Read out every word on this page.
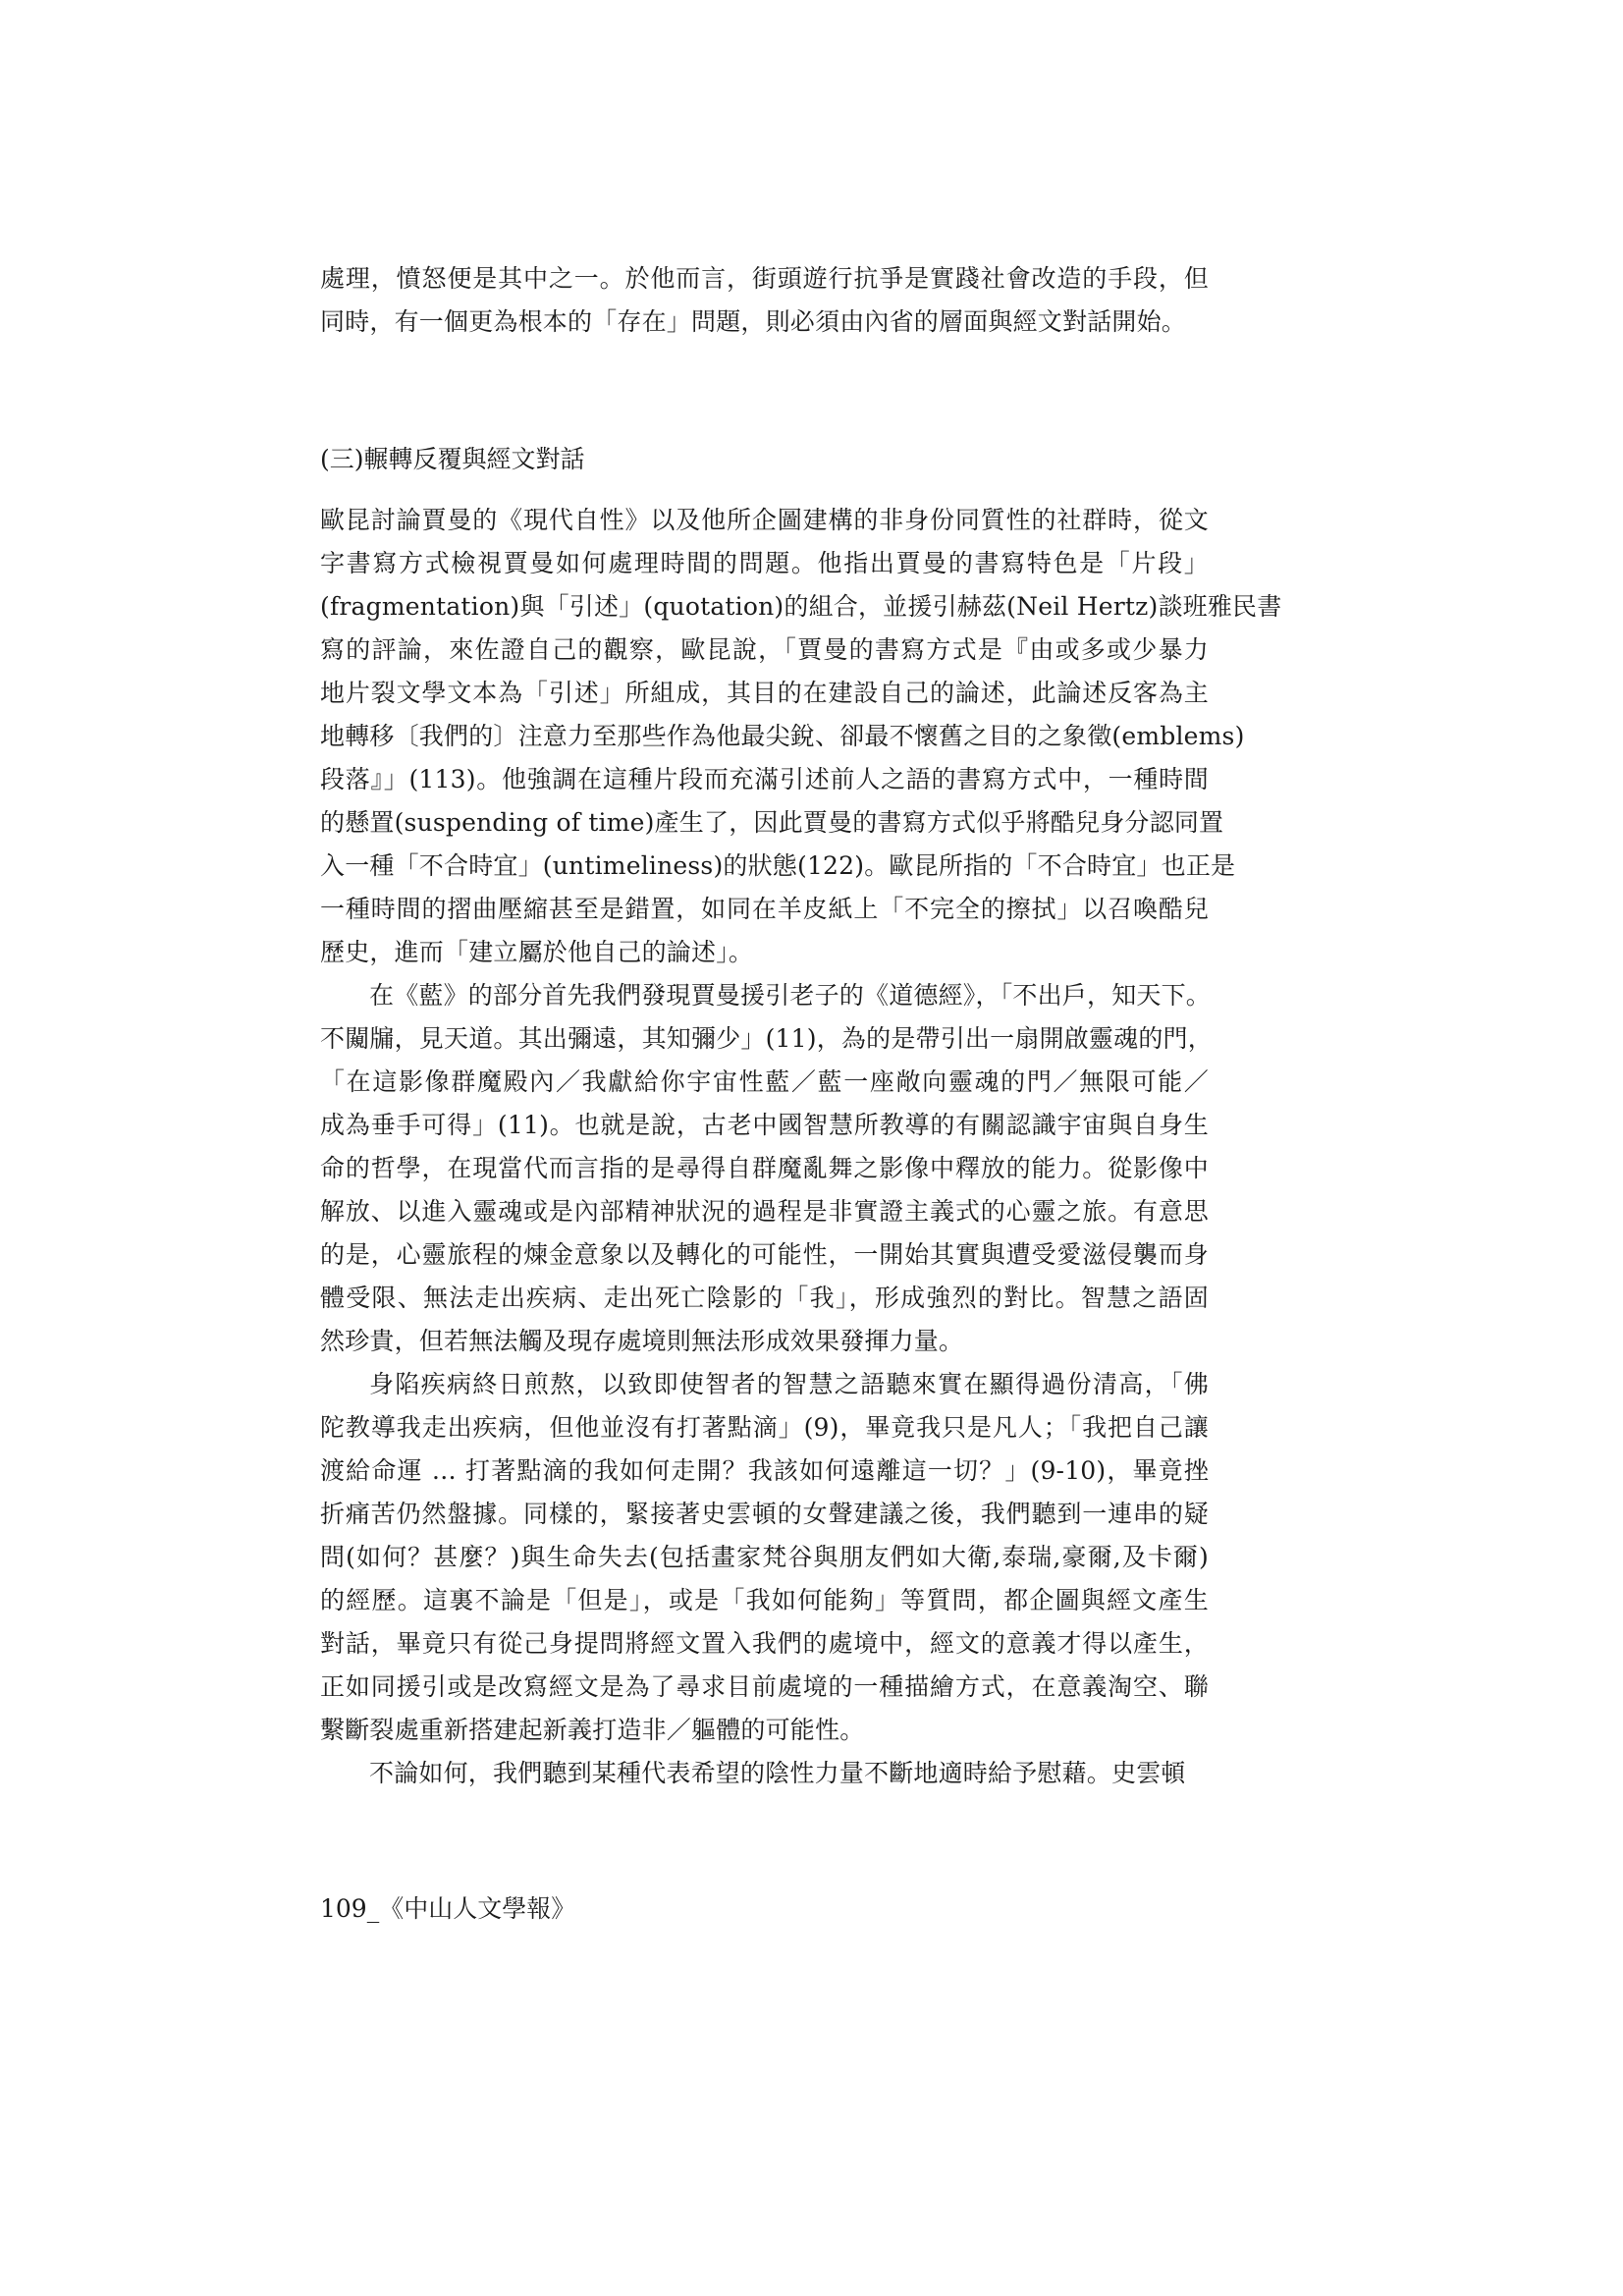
處理，憤怒便是其中之一。於他而言，街頭遊行抗爭是實踐社會改造的手段，但
同時，有一個更為根本的「存在」問題，則必須由內省的層面與經文對話開始。
(三)輾轉反覆與經文對話
歐昆討論賈曼的《現代自性》以及他所企圖建構的非身份同質性的社群時，從文
字書寫方式檢視賈曼如何處理時間的問題。他指出賈曼的書寫特色是「片段」
(fragmentation)與「引述」(quotation)的組合，並援引赫茲(Neil Hertz)談班雅民書
寫的評論，來佐證自己的觀察，歐昆說，「賈曼的書寫方式是『由或多或少暴力
地片裂文學文本為「引述」所組成，其目的在建設自己的論述，此論述反客為主
地轉移〔我們的〕注意力至那些作為他最尖銳、卻最不懷舊之目的之象徵(emblems)
段落』」(113)。他強調在這種片段而充滿引述前人之語的書寫方式中，一種時間
的懸置(suspending of time)產生了，因此賈曼的書寫方式似乎將酷兒身分認同置
入一種「不合時宜」(untimeliness)的狀態(122)。歐昆所指的「不合時宜」也正是
一種時間的摺曲壓縮甚至是錯置，如同在羊皮紙上「不完全的擦拭」以召喚酷兒
歷史，進而「建立屬於他自己的論述」。
在《藍》的部分首先我們發現賈曼援引老子的《道德經》，「不出戶，知天下。
不闚牖，見天道。其出彌遠，其知彌少」(11)，為的是帶引出一扇開啟靈魂的門，
「在這影像群魔殿內／我獻給你宇宙性藍／藍一座敞向靈魂的門／無限可能／
成為垂手可得」(11)。也就是說，古老中國智慧所教導的有關認識宇宙與自身生
命的哲學，在現當代而言指的是尋得自群魔亂舞之影像中釋放的能力。從影像中
解放、以進入靈魂或是內部精神狀況的過程是非實證主義式的心靈之旅。有意思
的是，心靈旅程的煉金意象以及轉化的可能性，一開始其實與遭受愛滋侵襲而身
體受限、無法走出疾病、走出死亡陰影的「我」，形成強烈的對比。智慧之語固
然珍貴，但若無法觸及現存處境則無法形成效果發揮力量。
身陷疾病終日煎熬，以致即使智者的智慧之語聽來實在顯得過份清高，「佛
陀教導我走出疾病，但他並沒有打著點滴」(9)，畢竟我只是凡人；「我把自己讓
渡給命運 … 打著點滴的我如何走開？我該如何遠離這一切？」(9-10)，畢竟挫
折痛苦仍然盤據。同樣的，緊接著史雲頓的女聲建議之後，我們聽到一連串的疑
問(如何？甚麼？)與生命失去(包括畫家梵谷與朋友們如大衛,泰瑞,豪爾,及卡爾)
的經歷。這裏不論是「但是」，或是「我如何能夠」等質問，都企圖與經文產生
對話，畢竟只有從己身提問將經文置入我們的處境中，經文的意義才得以產生，
正如同援引或是改寫經文是為了尋求目前處境的一種描繪方式，在意義淘空、聯
繫斷裂處重新搭建起新義打造非／軀體的可能性。
不論如何，我們聽到某種代表希望的陰性力量不斷地適時給予慰藉。史雲頓
109_《中山人文學報》
